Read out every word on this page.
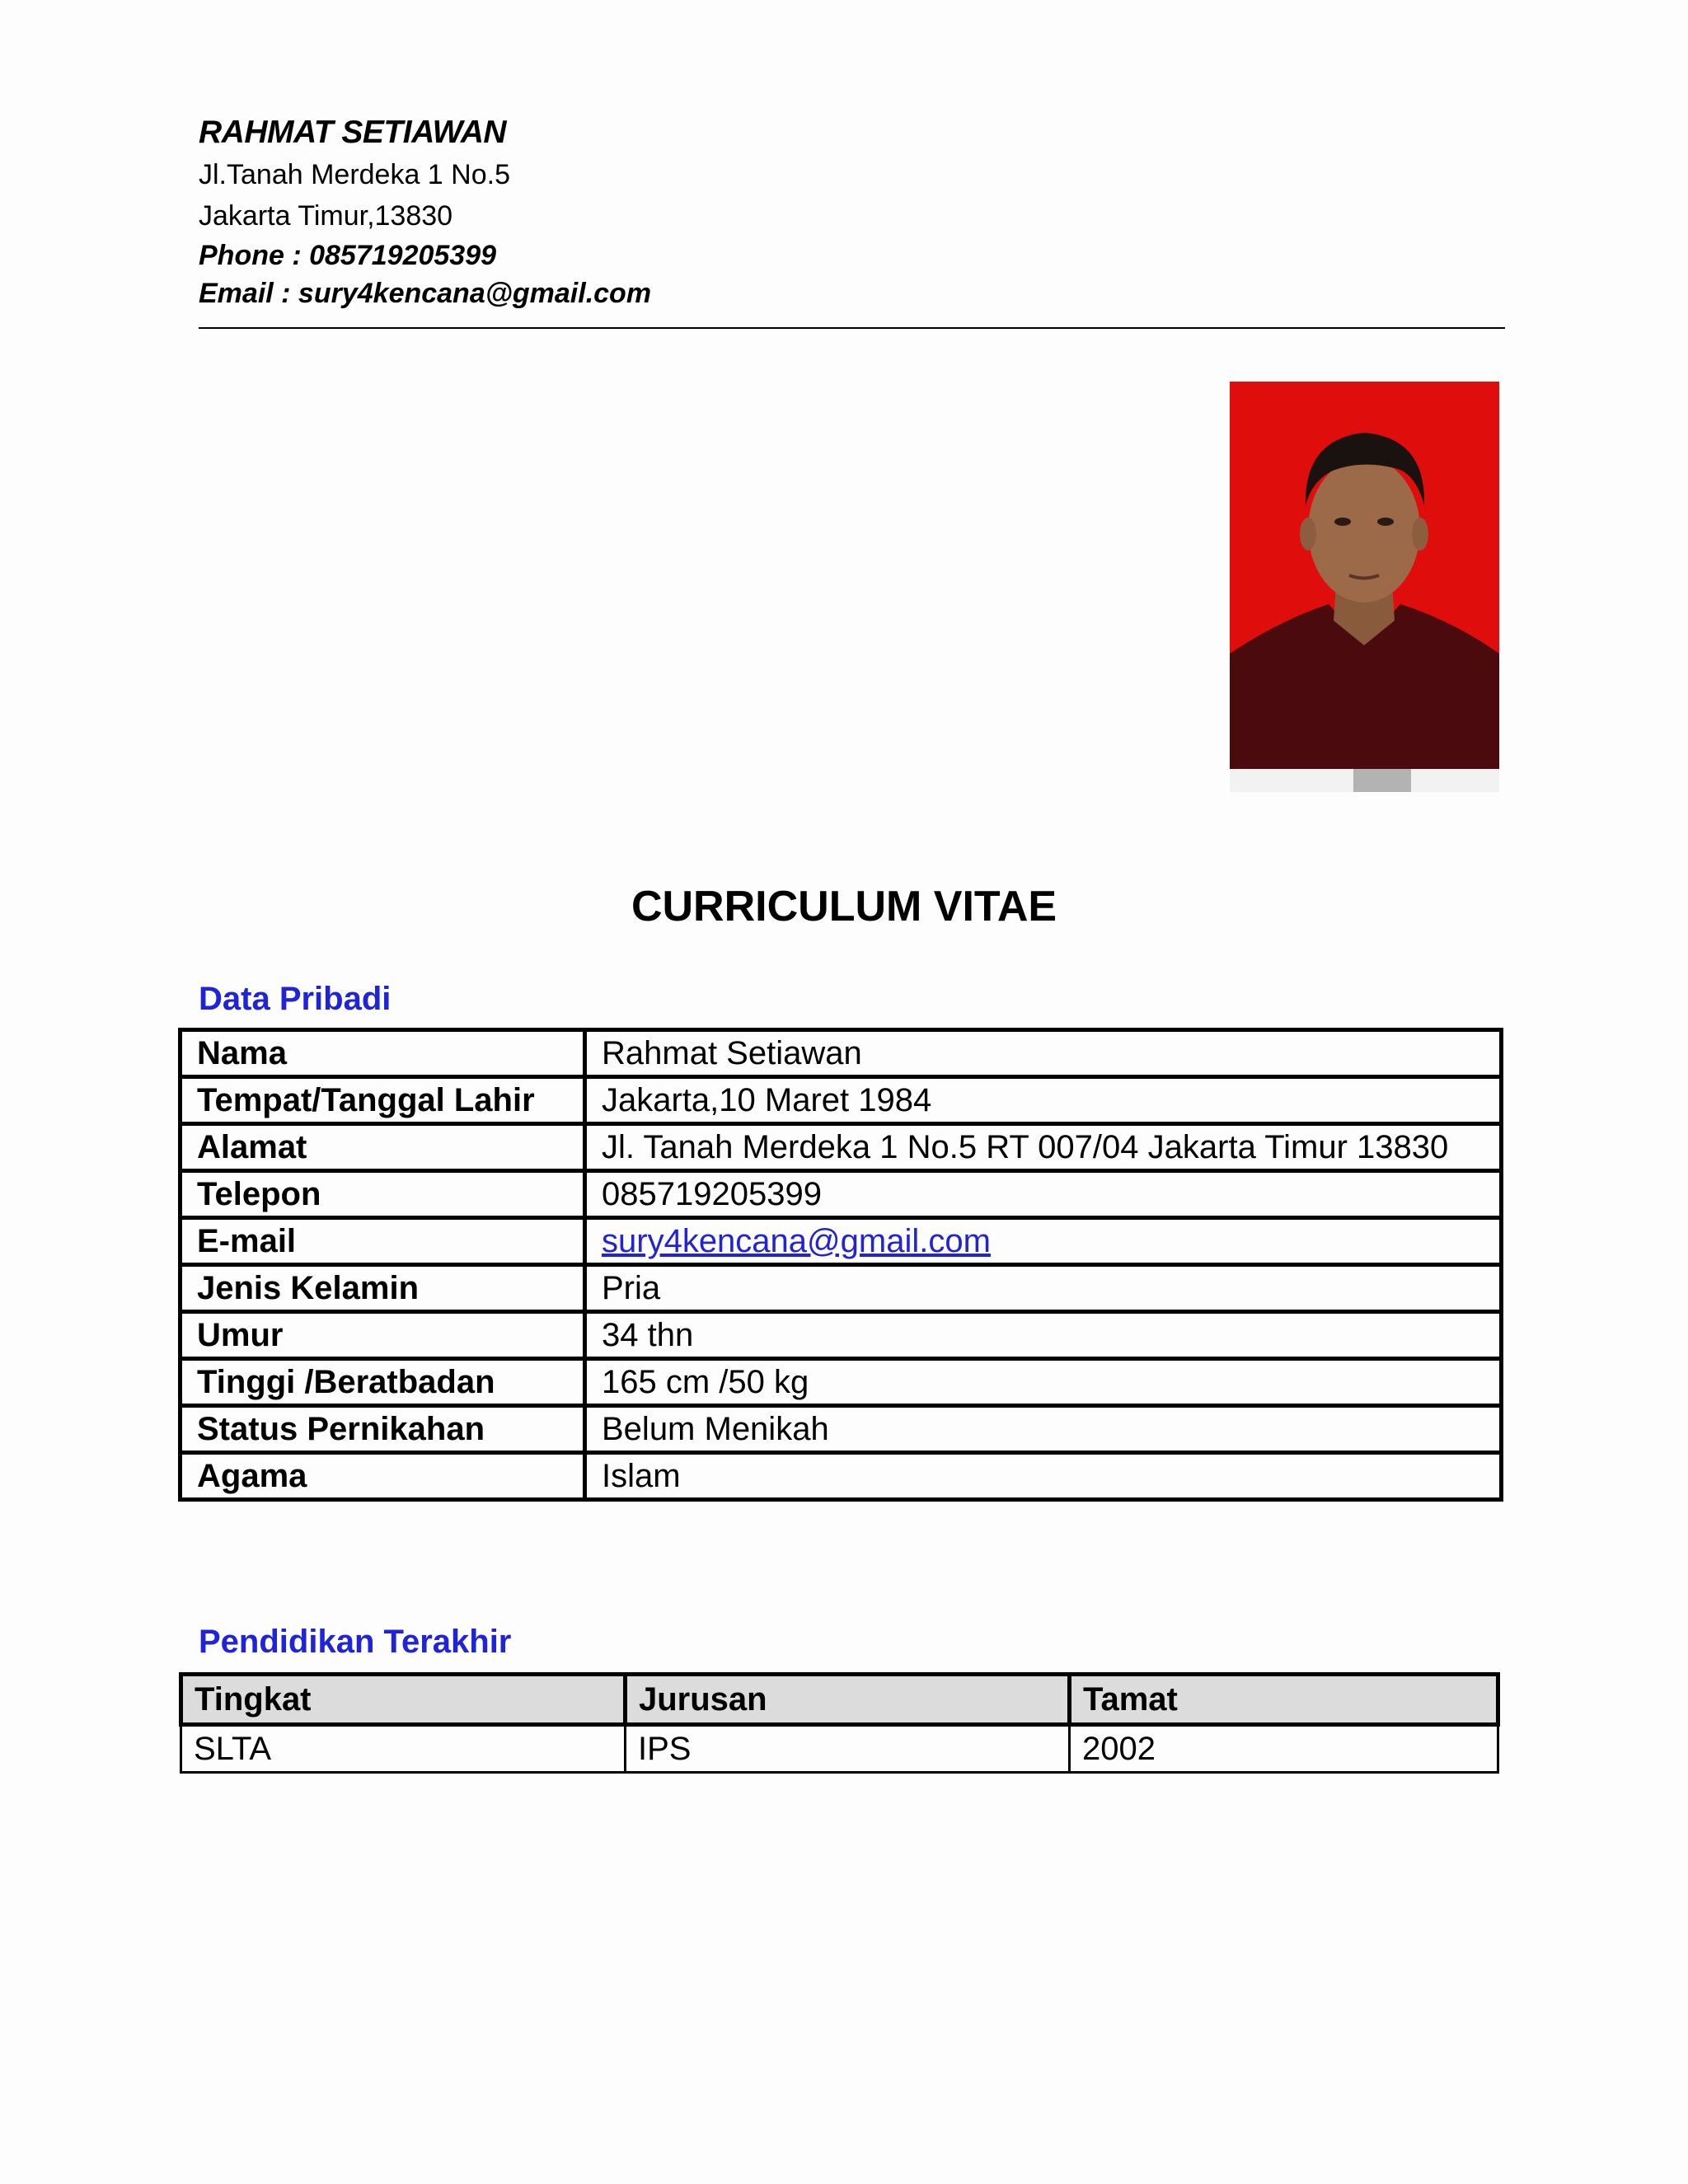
RAHMAT SETIAWAN
Jl.Tanah Merdeka 1 No.5
Jakarta Timur,13830
Phone : 085719205399
Email : sury4kencana@gmail.com
CURRICULUM VITAE
Data Pribadi
Nama	Rahmat Setiawan
Tempat/Tanggal Lahir	Jakarta,10 Maret 1984
Alamat	Jl. Tanah Merdeka 1 No.5 RT 007/04 Jakarta Timur 13830
Telepon	085719205399
E-mail	sury4kencana@gmail.com
Jenis Kelamin	Pria
Umur	34 thn
Tinggi /Beratbadan	165 cm /50 kg
Status Pernikahan	Belum Menikah
Agama	Islam
Pendidikan Terakhir
Tingkat	Jurusan	Tamat
SLTA	IPS	2002
